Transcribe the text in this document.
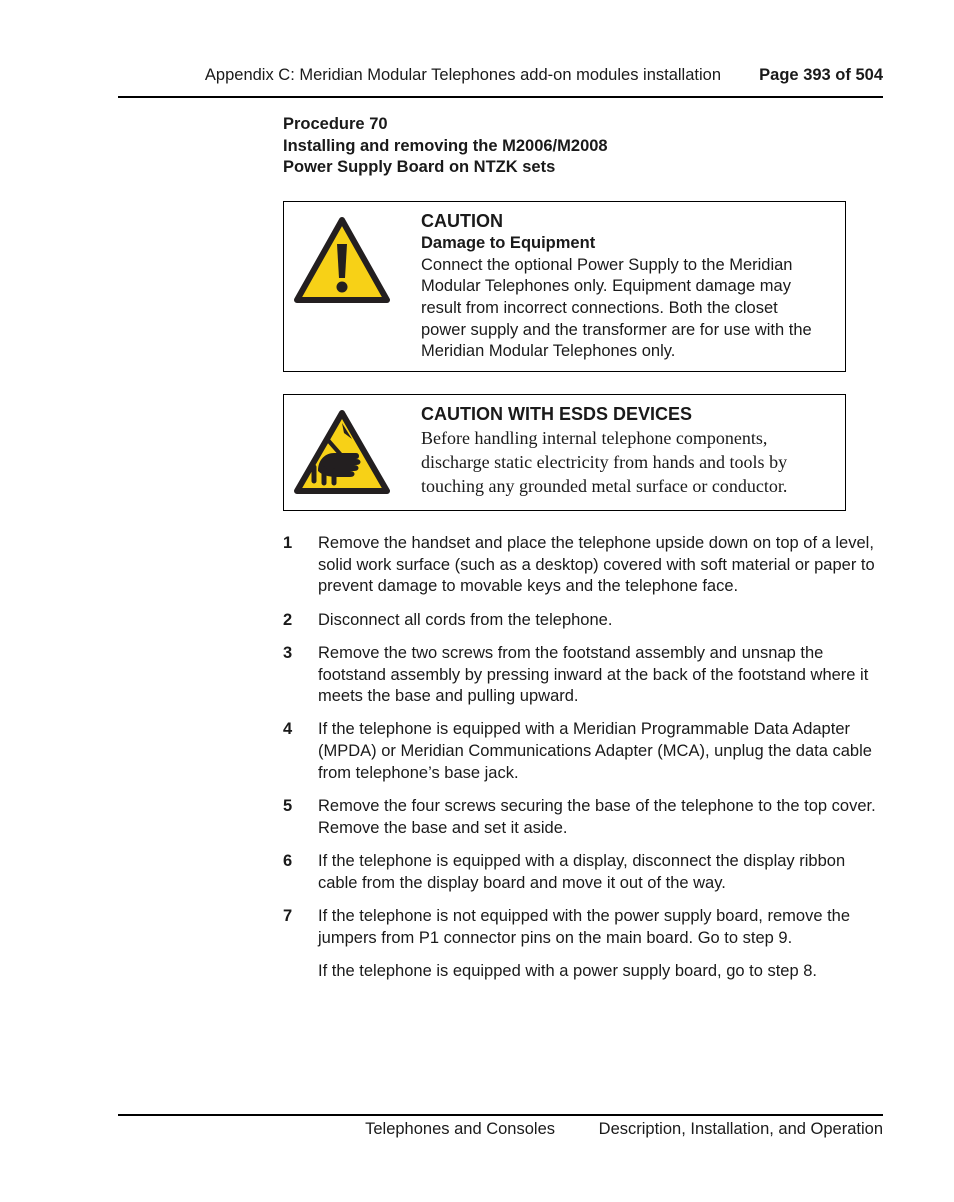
Appendix C: Meridian Modular Telephones add-on modules installation Page 393 of 504
Procedure 70
Installing and removing the M2006/M2008
Power Supply Board on NTZK sets
CAUTION
Damage to Equipment
Connect the optional Power Supply to the Meridian
Modular Telephones only. Equipment damage may
result from incorrect connections. Both the closet
power supply and the transformer are for use with the
Meridian Modular Telephones only.
CAUTION WITH ESDS DEVICES
Before handling internal telephone components,
discharge static electricity from hands and tools by
touching any grounded metal surface or conductor.
1 Remove the handset and place the telephone upside down on top of a level, solid work surface (such as a desktop) covered with soft material or paper to prevent damage to movable keys and the telephone face.
2 Disconnect all cords from the telephone.
3 Remove the two screws from the footstand assembly and unsnap the footstand assembly by pressing inward at the back of the footstand where it meets the base and pulling upward.
4 If the telephone is equipped with a Meridian Programmable Data Adapter (MPDA) or Meridian Communications Adapter (MCA), unplug the data cable from telephone’s base jack.
5 Remove the four screws securing the base of the telephone to the top cover. Remove the base and set it aside.
6 If the telephone is equipped with a display, disconnect the display ribbon cable from the display board and move it out of the way.
7 If the telephone is not equipped with the power supply board, remove the jumpers from P1 connector pins on the main board. Go to step 9.
If the telephone is equipped with a power supply board, go to step 8.
Telephones and Consoles	Description, Installation, and Operation
